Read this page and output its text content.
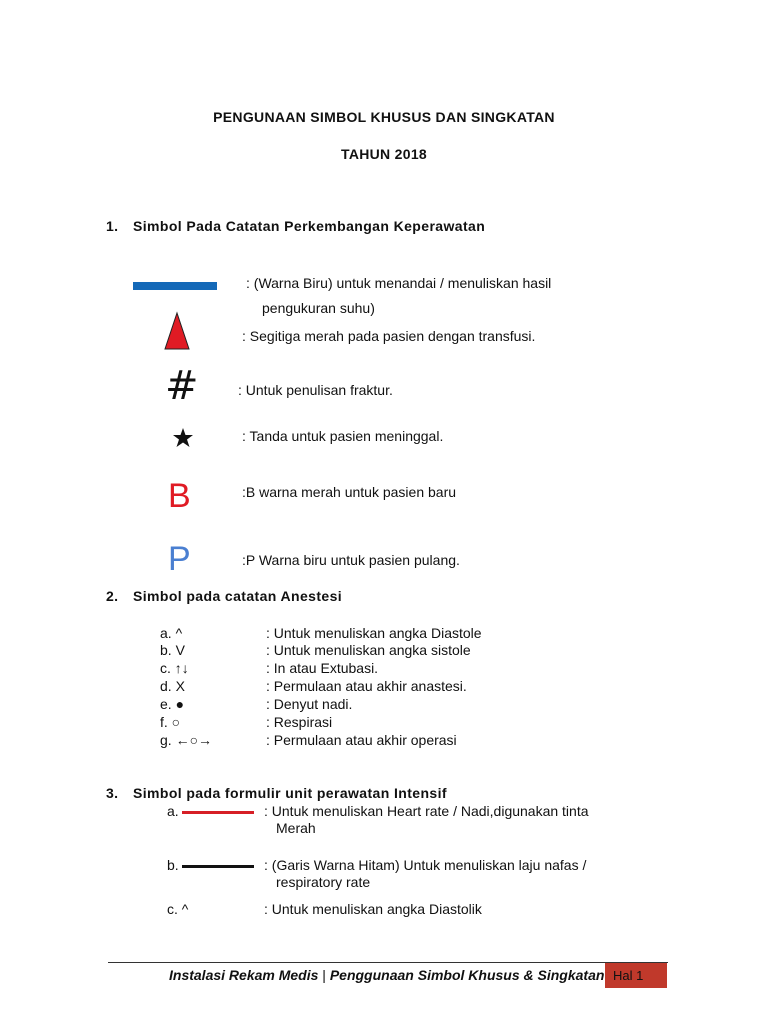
PENGUNAAN SIMBOL KHUSUS DAN SINGKATAN
TAHUN 2018
1. Simbol Pada Catatan Perkembangan Keperawatan
: (Warna Biru) untuk menandai / menuliskan hasil
pengukuran suhu)
: Segitiga merah pada pasien dengan transfusi.
#	: Untuk penulisan fraktur.
: Tanda untuk pasien meninggal.
B	:B warna merah untuk pasien baru
P	:P Warna biru untuk pasien pulang.
2. Simbol pada catatan Anestesi
a. ^	: Untuk menuliskan angka Diastole
b. V	: Untuk menuliskan angka sistole
c. ↑↓	: In atau Extubasi.
d. X	: Permulaan atau akhir anastesi.
e. ●	: Denyut nadi.
f. ○	: Respirasi
g. ←○→	: Permulaan atau akhir operasi
3. Simbol pada formulir unit perawatan Intensif
a.	: Untuk menuliskan Heart rate / Nadi,digunakan tinta
Merah
b.	: (Garis Warna Hitam) Untuk menuliskan laju nafas /
respiratory rate
c. ^	: Untuk menuliskan angka Diastolik
Instalasi Rekam Medis | Penggunaan Simbol Khusus & Singkatan Hal 1
